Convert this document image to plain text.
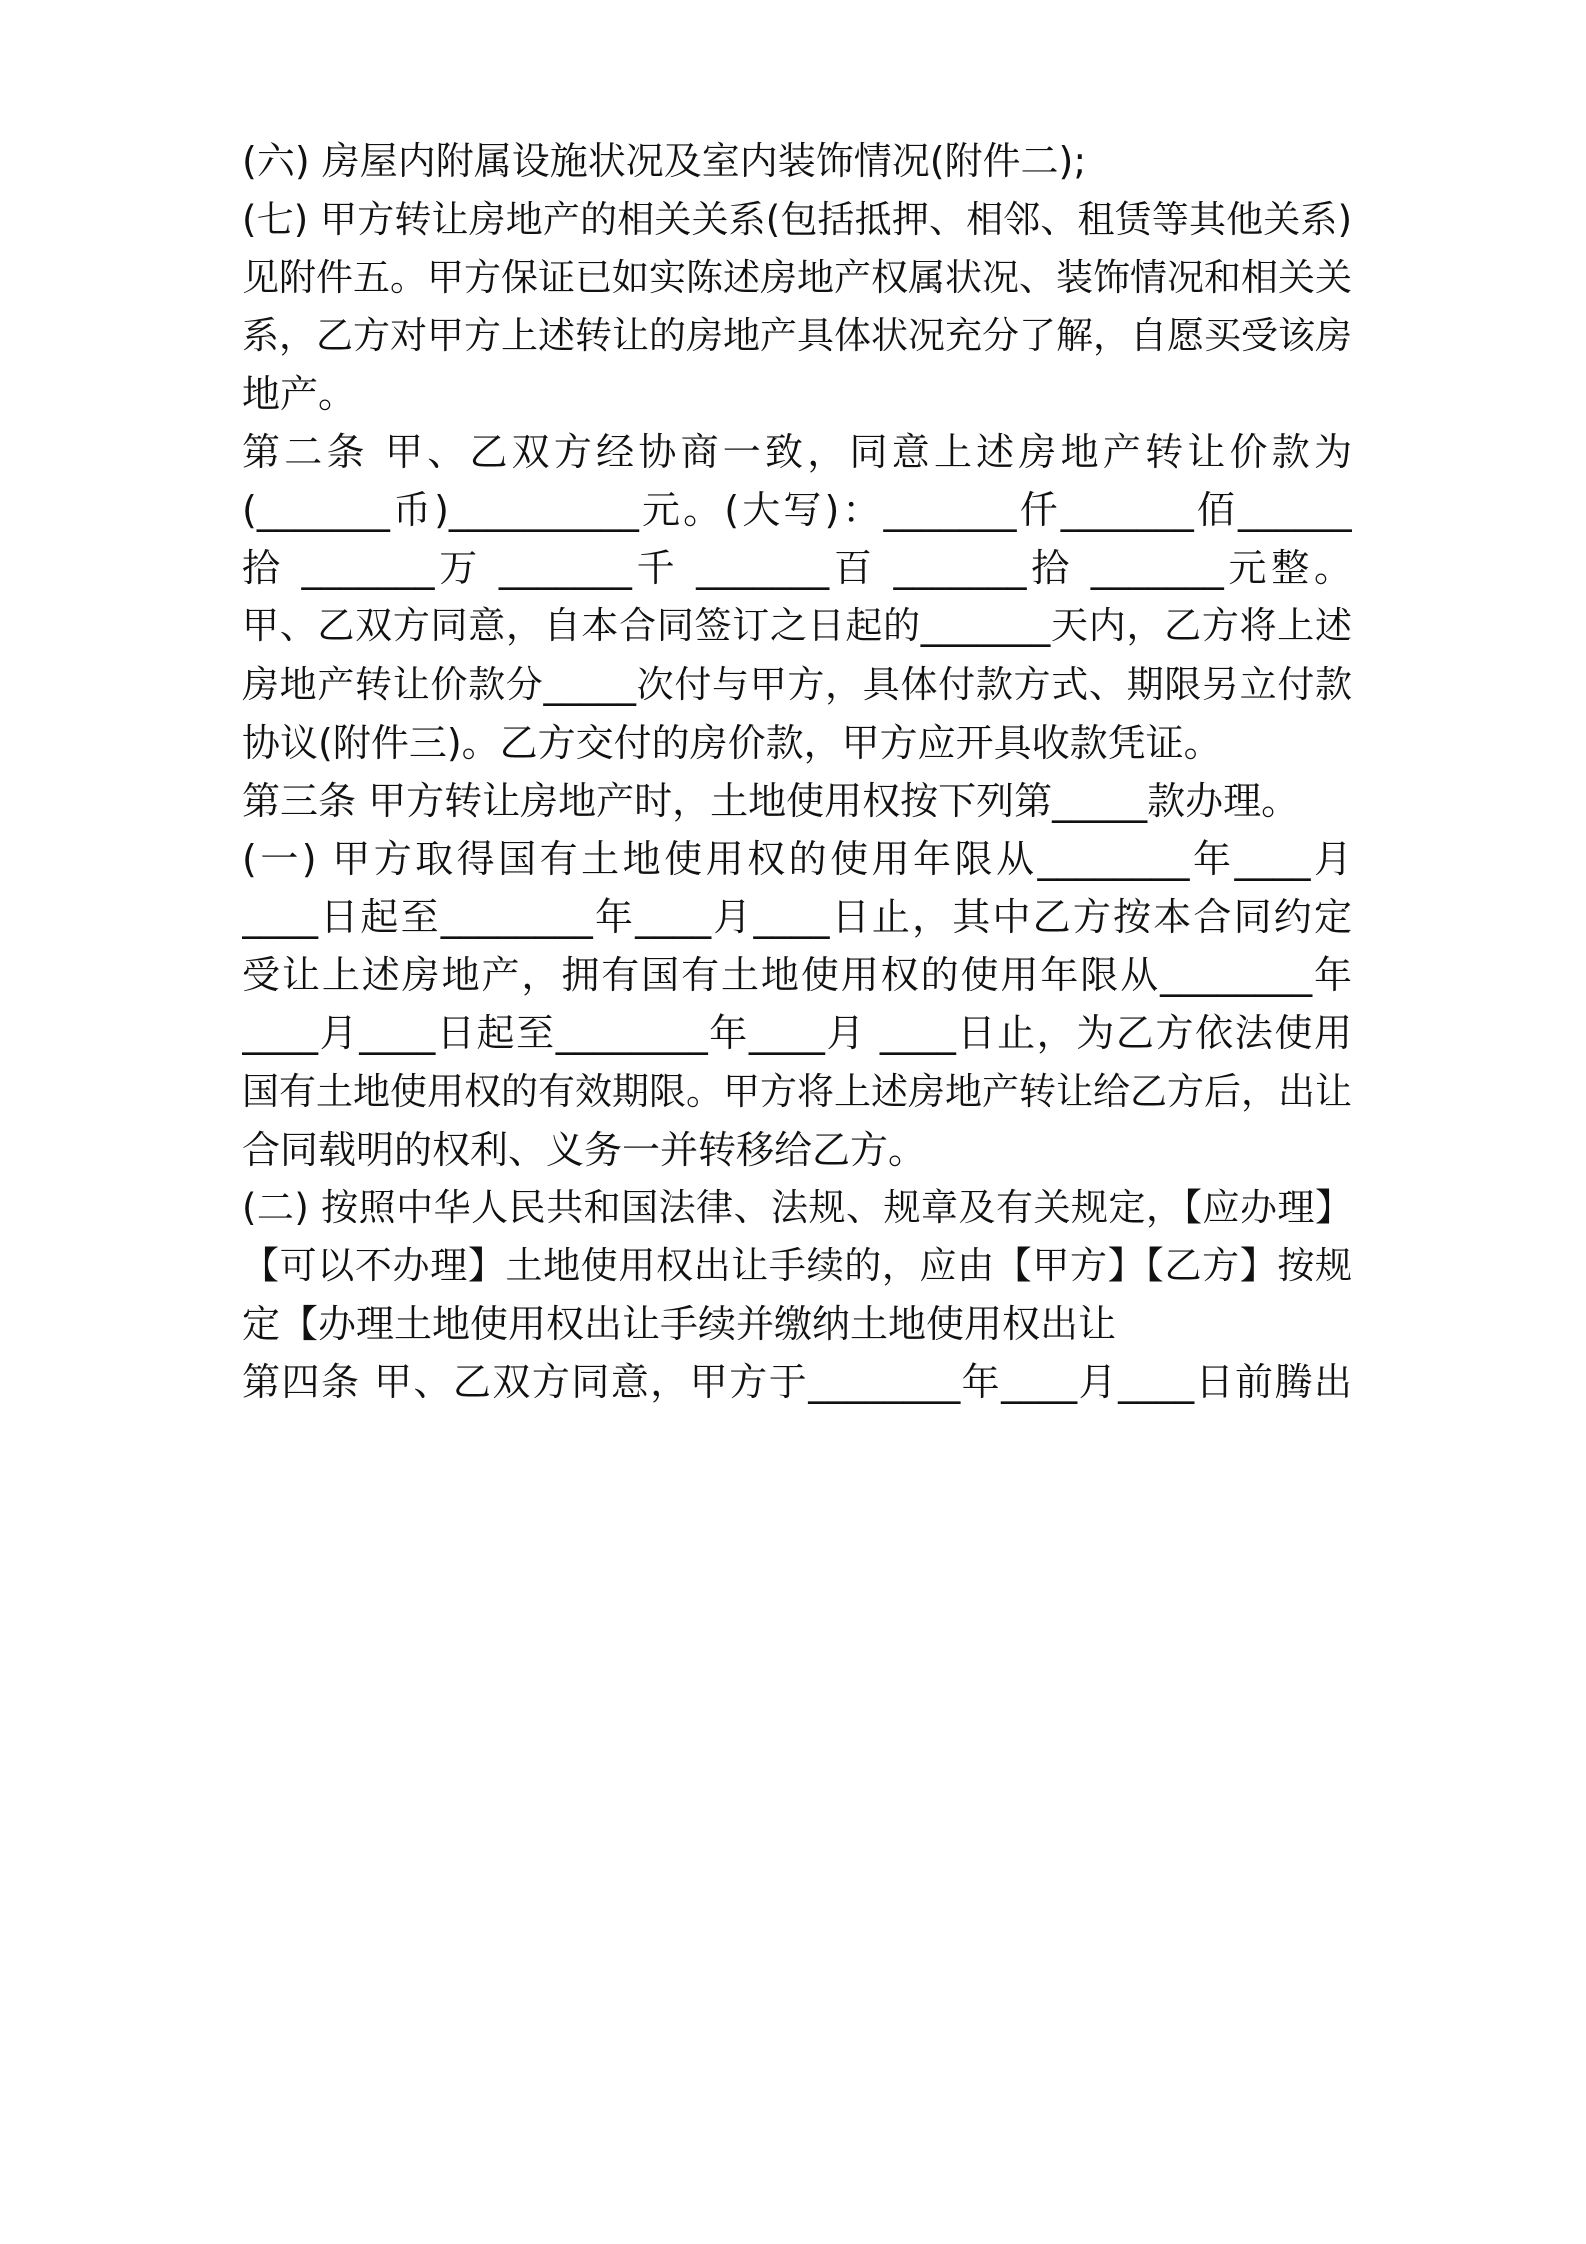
(六) 房屋内附属设施状况及室内装饰情况(附件二);
(七) 甲方转让房地产的相关关系(包括抵押、相邻、租赁等其他关系)
见附件五。甲方保证已如实陈述房地产权属状况、装饰情况和相关关
系，乙方对甲方上述转让的房地产具体状况充分了解，自愿买受该房
地产。
第二条 甲、乙双方经协商一致，同意上述房地产转让价款为
(_______币)__________元。(大写)：_______仟_______佰______
拾 _______万 _______千 _______百 _______拾 _______元整。
甲、乙双方同意，自本合同签订之日起的_______天内，乙方将上述
房地产转让价款分_____次付与甲方，具体付款方式、期限另立付款
协议(附件三)。乙方交付的房价款，甲方应开具收款凭证。
第三条 甲方转让房地产时，土地使用权按下列第_____款办理。
(一) 甲方取得国有土地使用权的使用年限从________年____月
____日起至________年____月____日止，其中乙方按本合同约定
受让上述房地产，拥有国有土地使用权的使用年限从________年
____月____日起至________年____月 ____日止，为乙方依法使用
国有土地使用权的有效期限。甲方将上述房地产转让给乙方后，出让
合同载明的权利、义务一并转移给乙方。
(二) 按照中华人民共和国法律、法规、规章及有关规定，【应办理】
【可以不办理】土地使用权出让手续的，应由【甲方】【乙方】按规
定【办理土地使用权出让手续并缴纳土地使用权出让
第四条 甲、乙双方同意，甲方于________年____月____日前腾出
